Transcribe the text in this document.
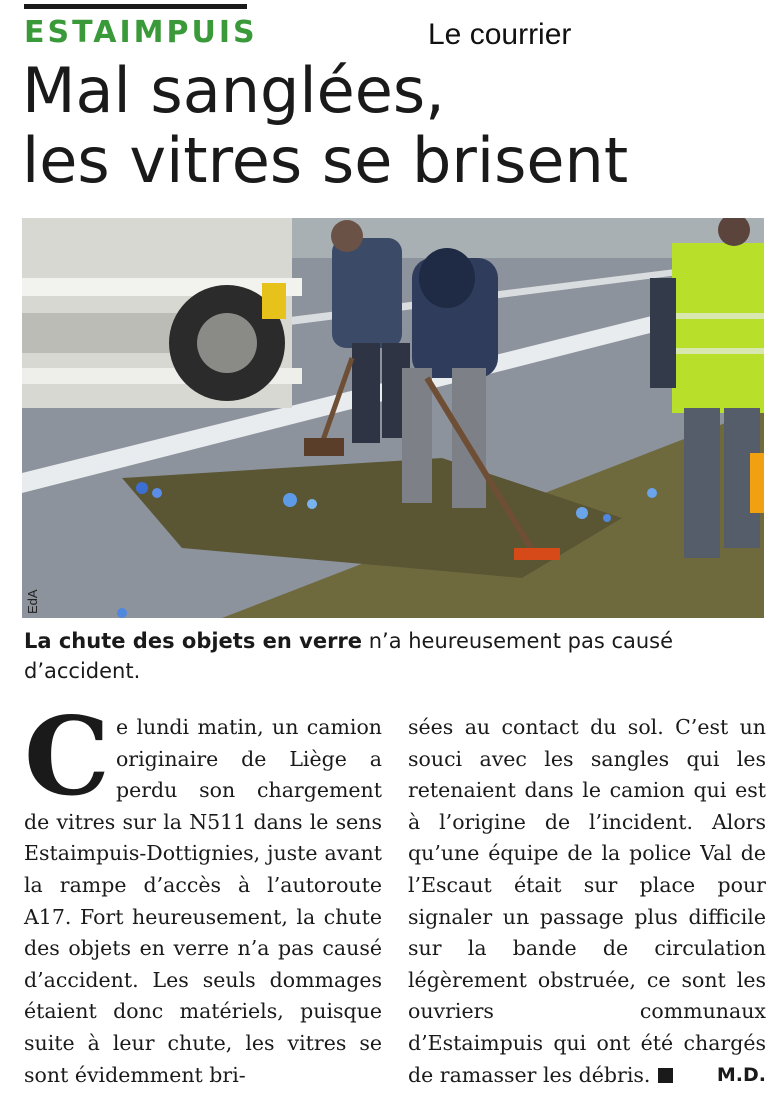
ESTAIMPUIS	Le courrier
Mal sanglées,
les vitres se brisent
EdA

La chute des objets en verre n’a heureusement pas causé d’accident.

Ce lundi matin, un camion originaire de Liège a perdu son chargement de vitres sur la N511 dans le sens Estaimpuis-Dottignies, juste avant la rampe d’accès à l’autoroute A17. Fort heureusement, la chute des objets en verre n’a pas causé d’accident. Les seuls dommages étaient donc matériels, puisque suite à leur chute, les vitres se sont évidemment bri-
sées au contact du sol. C’est un souci avec les sangles qui les retenaient dans le camion qui est à l’origine de l’incident. Alors qu’une équipe de la police Val de l’Escaut était sur place pour signaler un passage plus difficile sur la bande de circulation légèrement obstruée, ce sont les ouvriers communaux d’Estaimpuis qui ont été chargés de ramasser les débris.	M.D.
